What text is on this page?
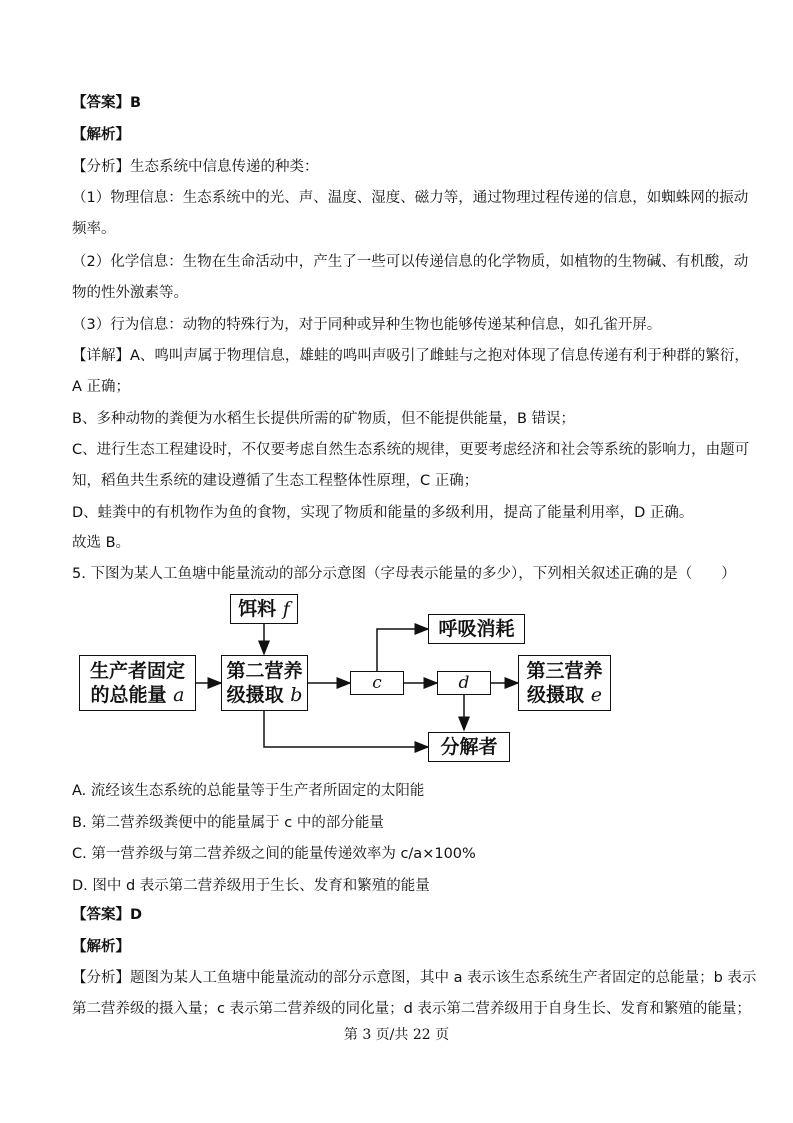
【答案】B
【解析】
【分析】生态系统中信息传递的种类：
（1）物理信息：生态系统中的光、声、温度、湿度、磁力等，通过物理过程传递的信息，如蜘蛛网的振动
频率。
（2）化学信息：生物在生命活动中，产生了一些可以传递信息的化学物质，如植物的生物碱、有机酸，动
物的性外激素等。
（3）行为信息：动物的特殊行为，对于同种或异种生物也能够传递某种信息，如孔雀开屏。
【详解】A、鸣叫声属于物理信息，雄蛙的鸣叫声吸引了雌蛙与之抱对体现了信息传递有利于种群的繁衍，
A 正确；
B、多种动物的粪便为水稻生长提供所需的矿物质，但不能提供能量，B 错误；
C、进行生态工程建设时，不仅要考虑自然生态系统的规律，更要考虑经济和社会等系统的影响力，由题可
知，稻鱼共生系统的建设遵循了生态工程整体性原理，C 正确；
D、蛙粪中的有机物作为鱼的食物，实现了物质和能量的多级利用，提高了能量利用率，D 正确。
故选 B。
5. 下图为某人工鱼塘中能量流动的部分示意图（字母表示能量的多少），下列相关叙述正确的是（　　）
饵料
f
生产者固定
的总能量 a
第二营养
级摄取 b
c	d
呼吸消耗
第三营养
级摄取 e
分解者
A. 流经该生态系统的总能量等于生产者所固定的太阳能
B. 第二营养级粪便中的能量属于 c 中的部分能量
C. 第一营养级与第二营养级之间的能量传递效率为 c/a×100%
D. 图中 d 表示第二营养级用于生长、发育和繁殖的能量
【答案】D
【解析】
【分析】题图为某人工鱼塘中能量流动的部分示意图，其中 a 表示该生态系统生产者固定的总能量；b 表示
第二营养级的摄入量；c 表示第二营养级的同化量；d 表示第二营养级用于自身生长、发育和繁殖的能量；
第 3 页/共 22 页
